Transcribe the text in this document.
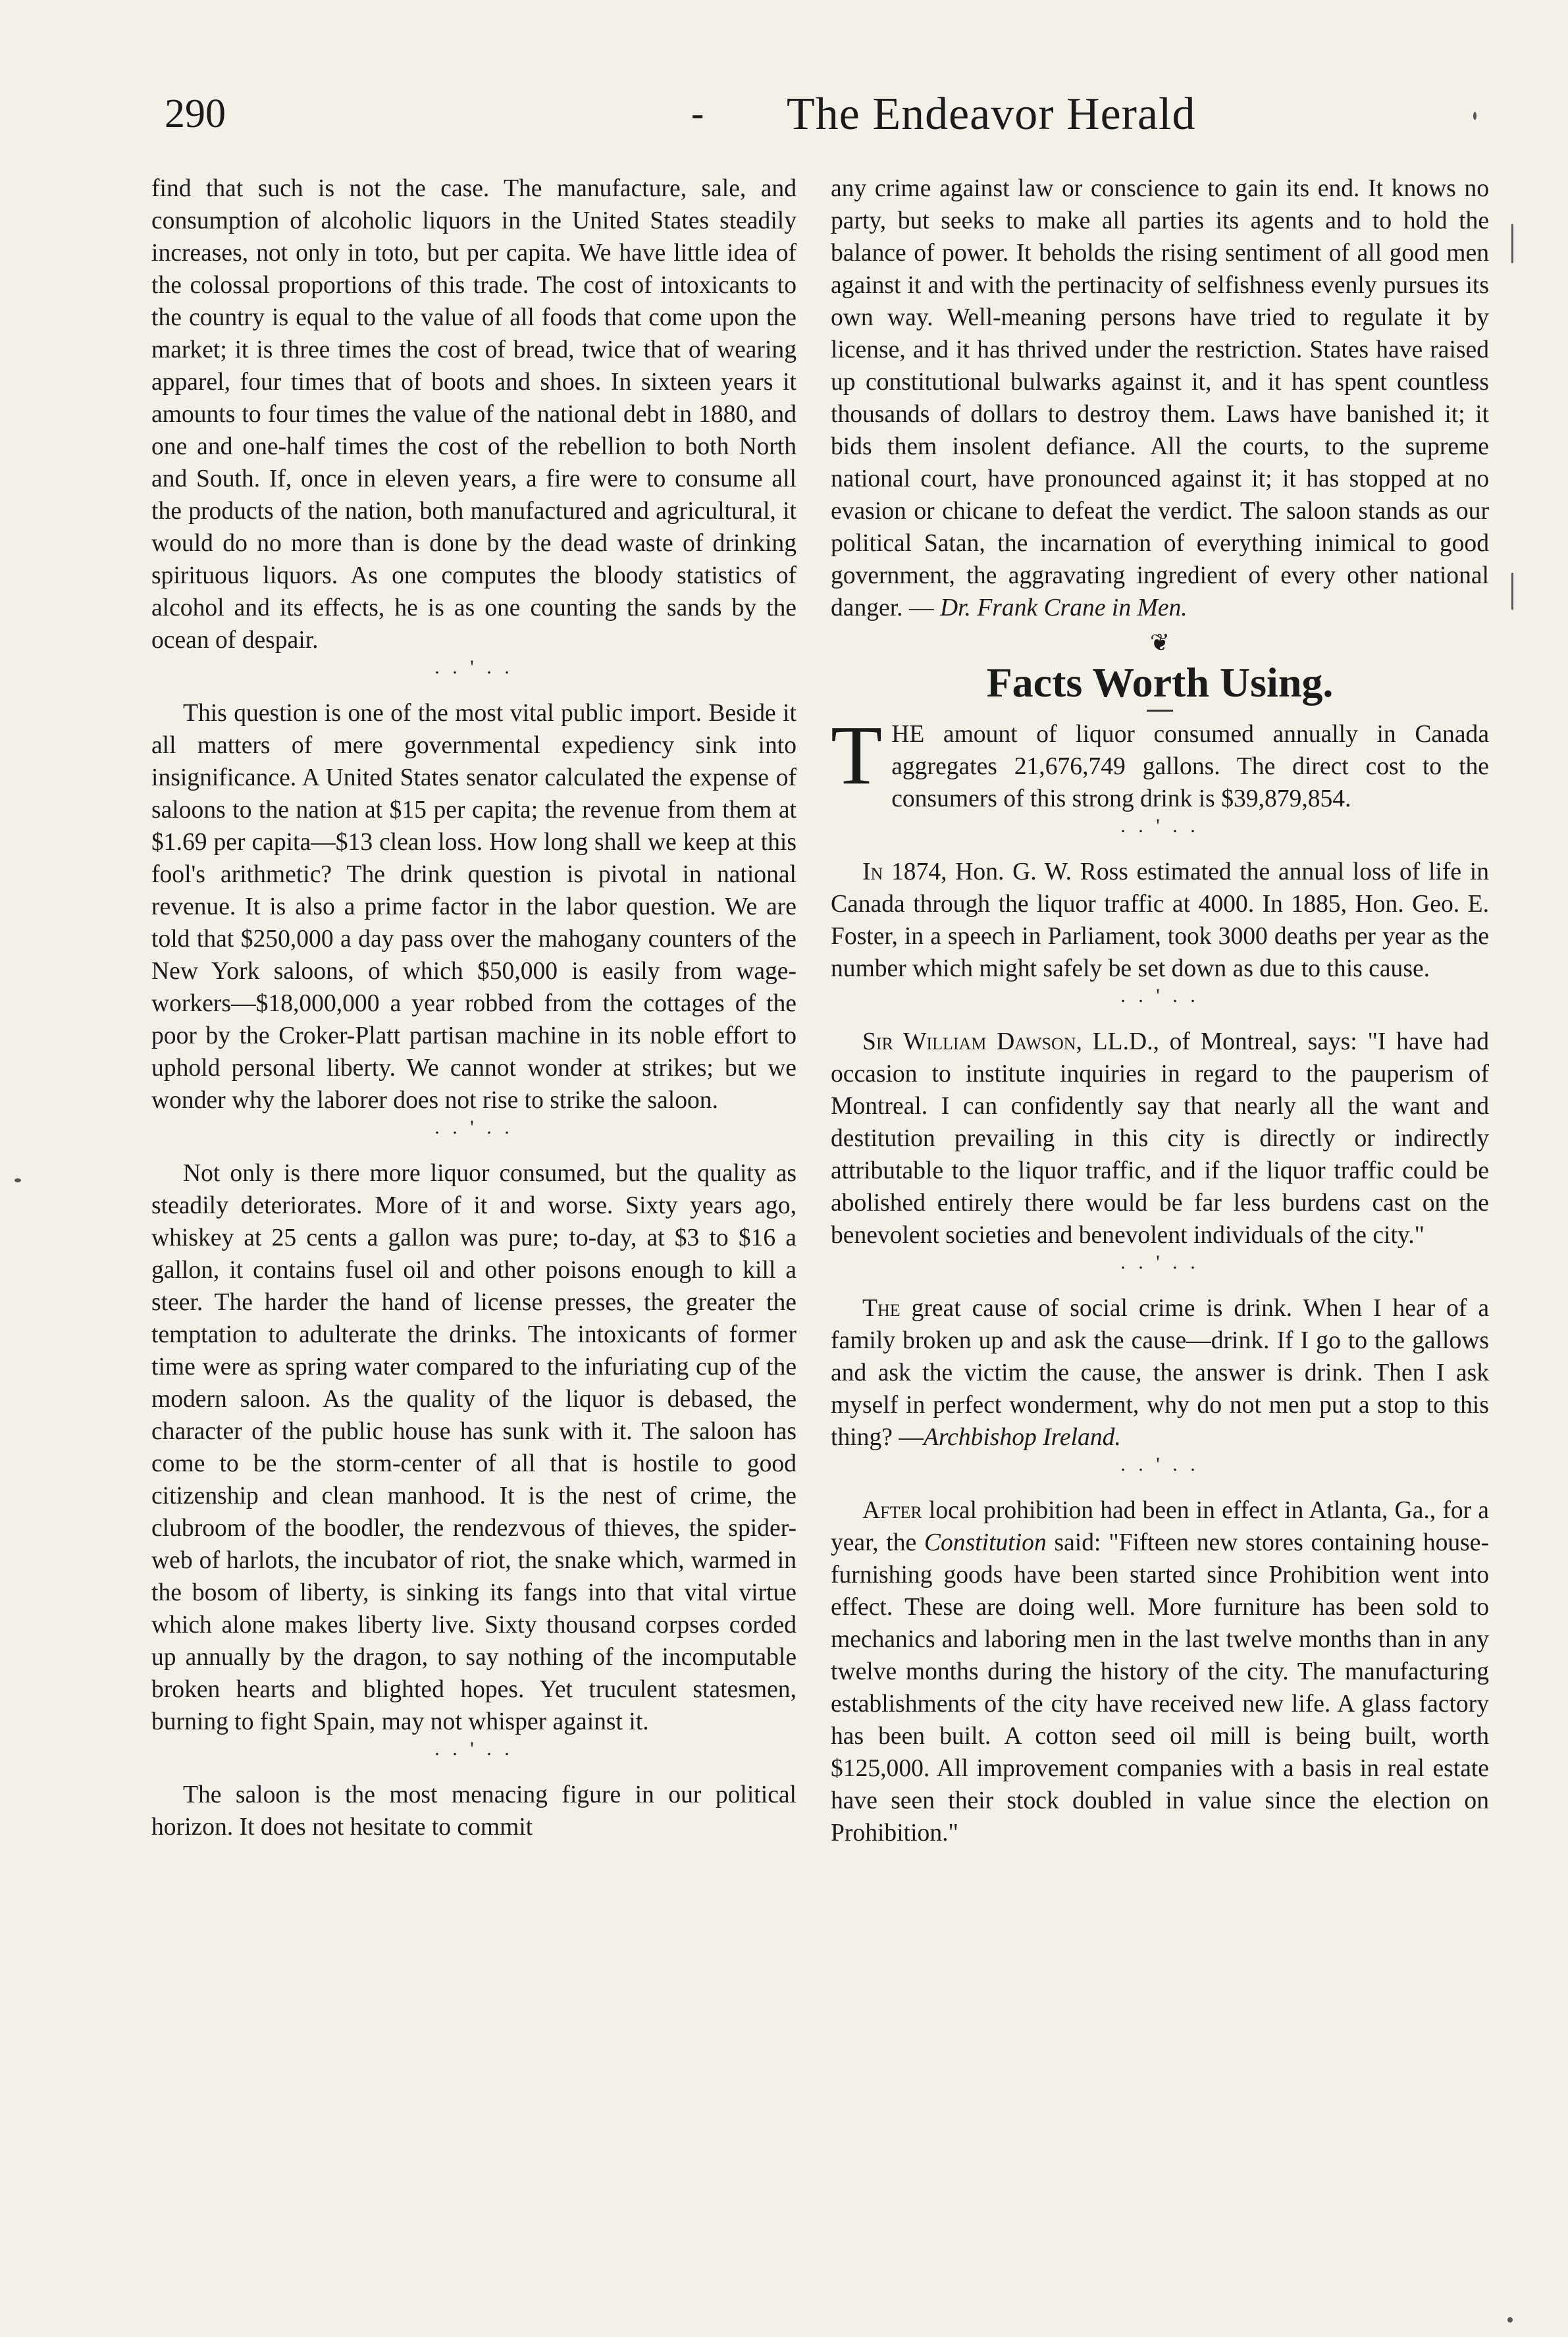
290	- The Endeavor Herald

find that such is not the case. The manufacture, sale, and consumption of alcoholic liquors in the United States steadily increases, not only in toto, but per capita. We have little idea of the colossal proportions of this trade. The cost of intoxicants to the country is equal to the value of all foods that come upon the market; it is three times the cost of bread, twice that of wearing apparel, four times that of boots and shoes. In sixteen years it amounts to four times the value of the national debt in 1880, and one and one-half times the cost of the rebellion to both North and South. If, once in eleven years, a fire were to consume all the products of the nation, both manufactured and agricultural, it would do no more than is done by the dead waste of drinking spirituous liquors. As one computes the bloody statistics of alcohol and its effects, he is as one counting the sands by the ocean of despair.

. . ' . .

This question is one of the most vital public import. Beside it all matters of mere governmental expediency sink into insignificance. A United States senator calculated the expense of saloons to the nation at $15 per capita; the revenue from them at $1.69 per capita—$13 clean loss. How long shall we keep at this fool's arithmetic? The drink question is pivotal in national revenue. It is also a prime factor in the labor question. We are told that $250,000 a day pass over the mahogany counters of the New York saloons, of which $50,000 is easily from wage-workers—$18,000,000 a year robbed from the cottages of the poor by the Croker-Platt partisan machine in its noble effort to uphold personal liberty. We cannot wonder at strikes; but we wonder why the laborer does not rise to strike the saloon.

. . ' . .

Not only is there more liquor consumed, but the quality as steadily deteriorates. More of it and worse. Sixty years ago, whiskey at 25 cents a gallon was pure; to-day, at $3 to $16 a gallon, it contains fusel oil and other poisons enough to kill a steer. The harder the hand of license presses, the greater the temptation to adulterate the drinks. The intoxicants of former time were as spring water compared to the infuriating cup of the modern saloon. As the quality of the liquor is debased, the character of the public house has sunk with it. The saloon has come to be the storm-center of all that is hostile to good citizenship and clean manhood. It is the nest of crime, the clubroom of the boodler, the rendezvous of thieves, the spider-web of harlots, the incubator of riot, the snake which, warmed in the bosom of liberty, is sinking its fangs into that vital virtue which alone makes liberty live. Sixty thousand corpses corded up annually by the dragon, to say nothing of the incomputable broken hearts and blighted hopes. Yet truculent statesmen, burning to fight Spain, may not whisper against it.

. . ' . .

The saloon is the most menacing figure in our political horizon. It does not hesitate to commit

any crime against law or conscience to gain its end. It knows no party, but seeks to make all parties its agents and to hold the balance of power. It beholds the rising sentiment of all good men against it and with the pertinacity of selfishness evenly pursues its own way. Well-meaning persons have tried to regulate it by license, and it has thrived under the restriction. States have raised up constitutional bulwarks against it, and it has spent countless thousands of dollars to destroy them. Laws have banished it; it bids them insolent defiance. All the courts, to the supreme national court, have pronounced against it; it has stopped at no evasion or chicane to defeat the verdict. The saloon stands as our political Satan, the incarnation of everything inimical to good government, the aggravating ingredient of every other national danger. — Dr. Frank Crane in Men.

❦
Facts Worth Using.

THE amount of liquor consumed annually in Canada aggregates 21,676,749 gallons. The direct cost to the consumers of this strong drink is $39,879,854.

. . ' . .

In 1874, Hon. G. W. Ross estimated the annual loss of life in Canada through the liquor traffic at 4000. In 1885, Hon. Geo. E. Foster, in a speech in Parliament, took 3000 deaths per year as the number which might safely be set down as due to this cause.

. . ' . .

Sir William Dawson, LL.D., of Montreal, says: "I have had occasion to institute inquiries in regard to the pauperism of Montreal. I can confidently say that nearly all the want and destitution prevailing in this city is directly or indirectly attributable to the liquor traffic, and if the liquor traffic could be abolished entirely there would be far less burdens cast on the benevolent societies and benevolent individuals of the city."

. . ' . .

The great cause of social crime is drink. When I hear of a family broken up and ask the cause—drink. If I go to the gallows and ask the victim the cause, the answer is drink. Then I ask myself in perfect wonderment, why do not men put a stop to this thing? —Archbishop Ireland.

. . ' . .

After local prohibition had been in effect in Atlanta, Ga., for a year, the Constitution said: "Fifteen new stores containing house-furnishing goods have been started since Prohibition went into effect. These are doing well. More furniture has been sold to mechanics and laboring men in the last twelve months than in any twelve months during the history of the city. The manufacturing establishments of the city have received new life. A glass factory has been built. A cotton seed oil mill is being built, worth $125,000. All improvement companies with a basis in real estate have seen their stock doubled in value since the election on Prohibition."
